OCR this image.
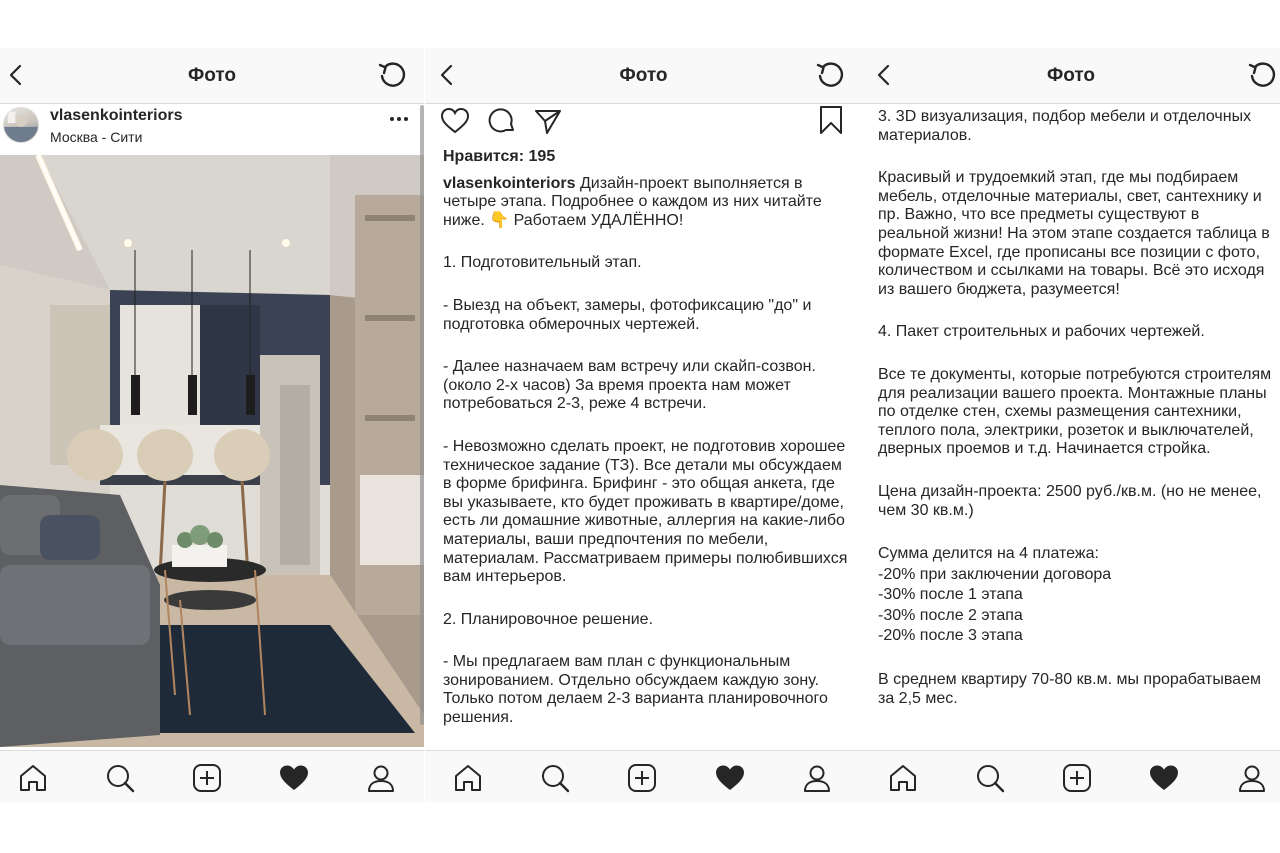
Фото
vlasenkointeriors
Москва - Сити
Фото
Нравится: 195
vlasenkointeriors Дизайн-проект выполняется в четыре этапа. Подробнее о каждом из них читайте ниже. 👇 Работаем УДАЛЁННО!
1. Подготовительный этап.
- Выезд на объект, замеры, фотофиксацию "до" и подготовка обмерочных чертежей.
- Далее назначаем вам встречу или скайп-созвон. (около 2-х часов) За время проекта нам может потребоваться 2-3, реже 4 встречи.
- Невозможно сделать проект, не подготовив хорошее техническое задание (ТЗ). Все детали мы обсуждаем в форме брифинга. Брифинг - это общая анкета, где вы указываете, кто будет проживать в квартире/доме, есть ли домашние животные, аллергия на какие-либо материалы, ваши предпочтения по мебели, материалам. Рассматриваем примеры полюбившихся вам интерьеров.
2. Планировочное решение.
- Мы предлагаем вам план с функциональным зонированием. Отдельно обсуждаем каждую зону. Только потом делаем 2-3 варианта планировочного решения.
Фото
3. 3D визуализация, подбор мебели и отделочных материалов.
Красивый и трудоемкий этап, где мы подбираем мебель, отделочные материалы, свет, сантехнику и пр. Важно, что все предметы существуют в реальной жизни! На этом этапе создается таблица в формате Excel, где прописаны все позиции с фото, количеством и ссылками на товары. Всё это исходя из вашего бюджета, разумеется!
4. Пакет строительных и рабочих чертежей.
Все те документы, которые потребуются строителям для реализации вашего проекта. Монтажные планы по отделке стен, схемы размещения сантехники, теплого пола, электрики, розеток и выключателей, дверных проемов и т.д. Начинается стройка.
Цена дизайн-проекта: 2500 руб./кв.м. (но не менее, чем 30 кв.м.)
Сумма делится на 4 платежа:
-20% при заключении договора
-30% после 1 этапа
-30% после 2 этапа
-20% после 3 этапа
В среднем квартиру 70-80 кв.м. мы прорабатываем за 2,5 мес.
